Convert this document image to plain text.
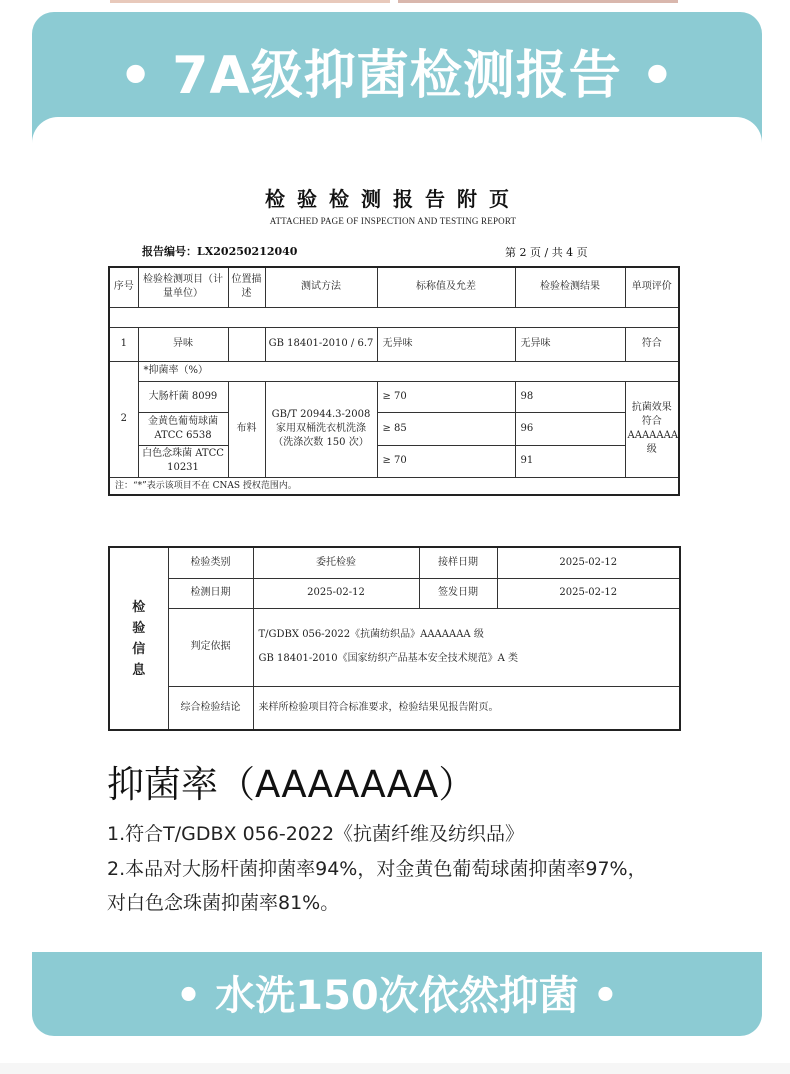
• 7A级抑菌检测报告 •
检验检测报告附页
ATTACHED PAGE OF INSPECTION AND TESTING REPORT
报告编号：LX20250212040	第 2 页 / 共 4 页
序号	检验检测项目（计量单位）	位置描述	测试方法	标称值及允差	检验检测结果	单项评价

1	异味		GB 18401-2010 / 6.7	无异味	无异味	符合
2	*抑菌率（%）					
	大肠杆菌 8099	布料	GB/T 20944.3-2008 家用双桶洗衣机洗涤（洗涤次数 150 次）	≥ 70	98	抗菌效果符合AAAAAAA级
	金黄色葡萄球菌 ATCC 6538			≥ 85	96	
	白色念珠菌 ATCC 10231			≥ 70	91	
注：“*”表示该项目不在 CNAS 授权范围内。						
检验信息	检验类别	委托检验	接样日期	2025-02-12
	检测日期	2025-02-12	签发日期	2025-02-12
	判定依据	T/GDBX 056-2022《抗菌纺织品》AAAAAAA 级
GB 18401-2010《国家纺织产品基本安全技术规范》A 类		

	综合检验结论	来样所检验项目符合标准要求，检验结果见报告附页。		
抑菌率（AAAAAAA）
1.符合T/GDBX 056-2022《抗菌纤维及纺织品》
2.本品对大肠杆菌抑菌率94%，对金黄色葡萄球菌抑菌率97%，
对白色念珠菌抑菌率81%。
• 水洗150次依然抑菌 •
